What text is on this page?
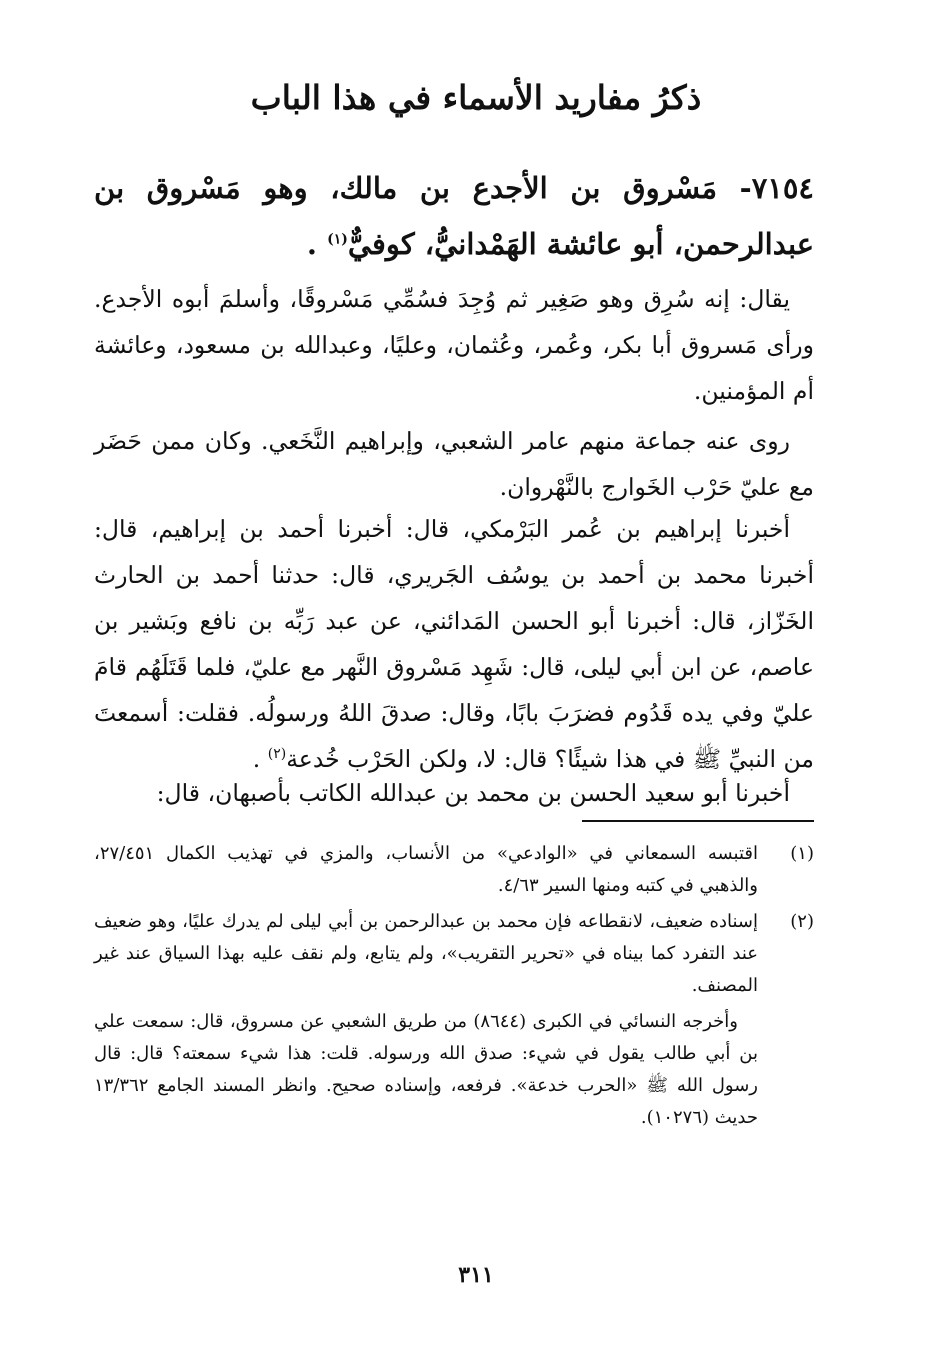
ذكرُ مفاريد الأسماء في هذا الباب
٧١٥٤- مَسْروق بن الأجدع بن مالك، وهو مَسْروق بن عبدالرحمن، أبو عائشة الهَمْدانيُّ، كوفيٌّ$^{(١)}$ .

يقال: إنه سُرِق وهو صَغِير ثم وُجِدَ فسُمِّي مَسْروقًا، وأسلمَ أبوه الأجدع. ورأى مَسروق أبا بكر، وعُمر، وعُثمان، وعليًا، وعبدالله بن مسعود، وعائشة أم المؤمنين.

روى عنه جماعة منهم عامر الشعبي، وإبراهيم النَّخَعي. وكان ممن حَضَر مع عليّ حَرْب الخَوارج بالنَّهْروان.

أخبرنا إبراهيم بن عُمر البَرْمكي، قال: أخبرنا أحمد بن إبراهيم، قال: أخبرنا محمد بن أحمد بن يوسُف الجَريري، قال: حدثنا أحمد بن الحارث الخَزّاز، قال: أخبرنا أبو الحسن المَدائني، عن عبد رَبِّه بن نافع وبَشير بن عاصم، عن ابن أبي ليلى، قال: شَهِد مَسْروق النَّهر مع عليّ، فلما قَتَلَهُم قامَ عليّ وفي يده قَدُوم فضرَبَ بابًا، وقال: صدقَ اللهُ ورسولُه. فقلت: أسمعتَ من النبيِّ ﷺ في هذا شيئًا؟ قال: لا، ولكن الحَرْب خُدعة$^{(٢)}$ .

أخبرنا أبو سعيد الحسن بن محمد بن عبدالله الكاتب بأصبهان، قال:

(١)
اقتبسه السمعاني في «الوادعي» من الأنساب، والمزي في تهذيب الكمال ٢٧/٤٥١، والذهبي في كتبه ومنها السير ٤/٦٣.
(٢)
إسناده ضعيف، لانقطاعه فإن محمد بن عبدالرحمن بن أبي ليلى لم يدرك عليًا، وهو ضعيف عند التفرد كما بيناه في «تحرير التقريب»، ولم يتابع، ولم نقف عليه بهذا السياق عند غير المصنف.
وأخرجه النسائي في الكبرى (٨٦٤٤) من طريق الشعبي عن مسروق، قال: سمعت علي بن أبي طالب يقول في شيء: صدق الله ورسوله. قلت: هذا شيء سمعته؟ قال: قال رسول الله ﷺ «الحرب خدعة». فرفعه، وإسناده صحيح. وانظر المسند الجامع ١٣/٣٦٢ حديث (١٠٢٧٦).
٣١١
